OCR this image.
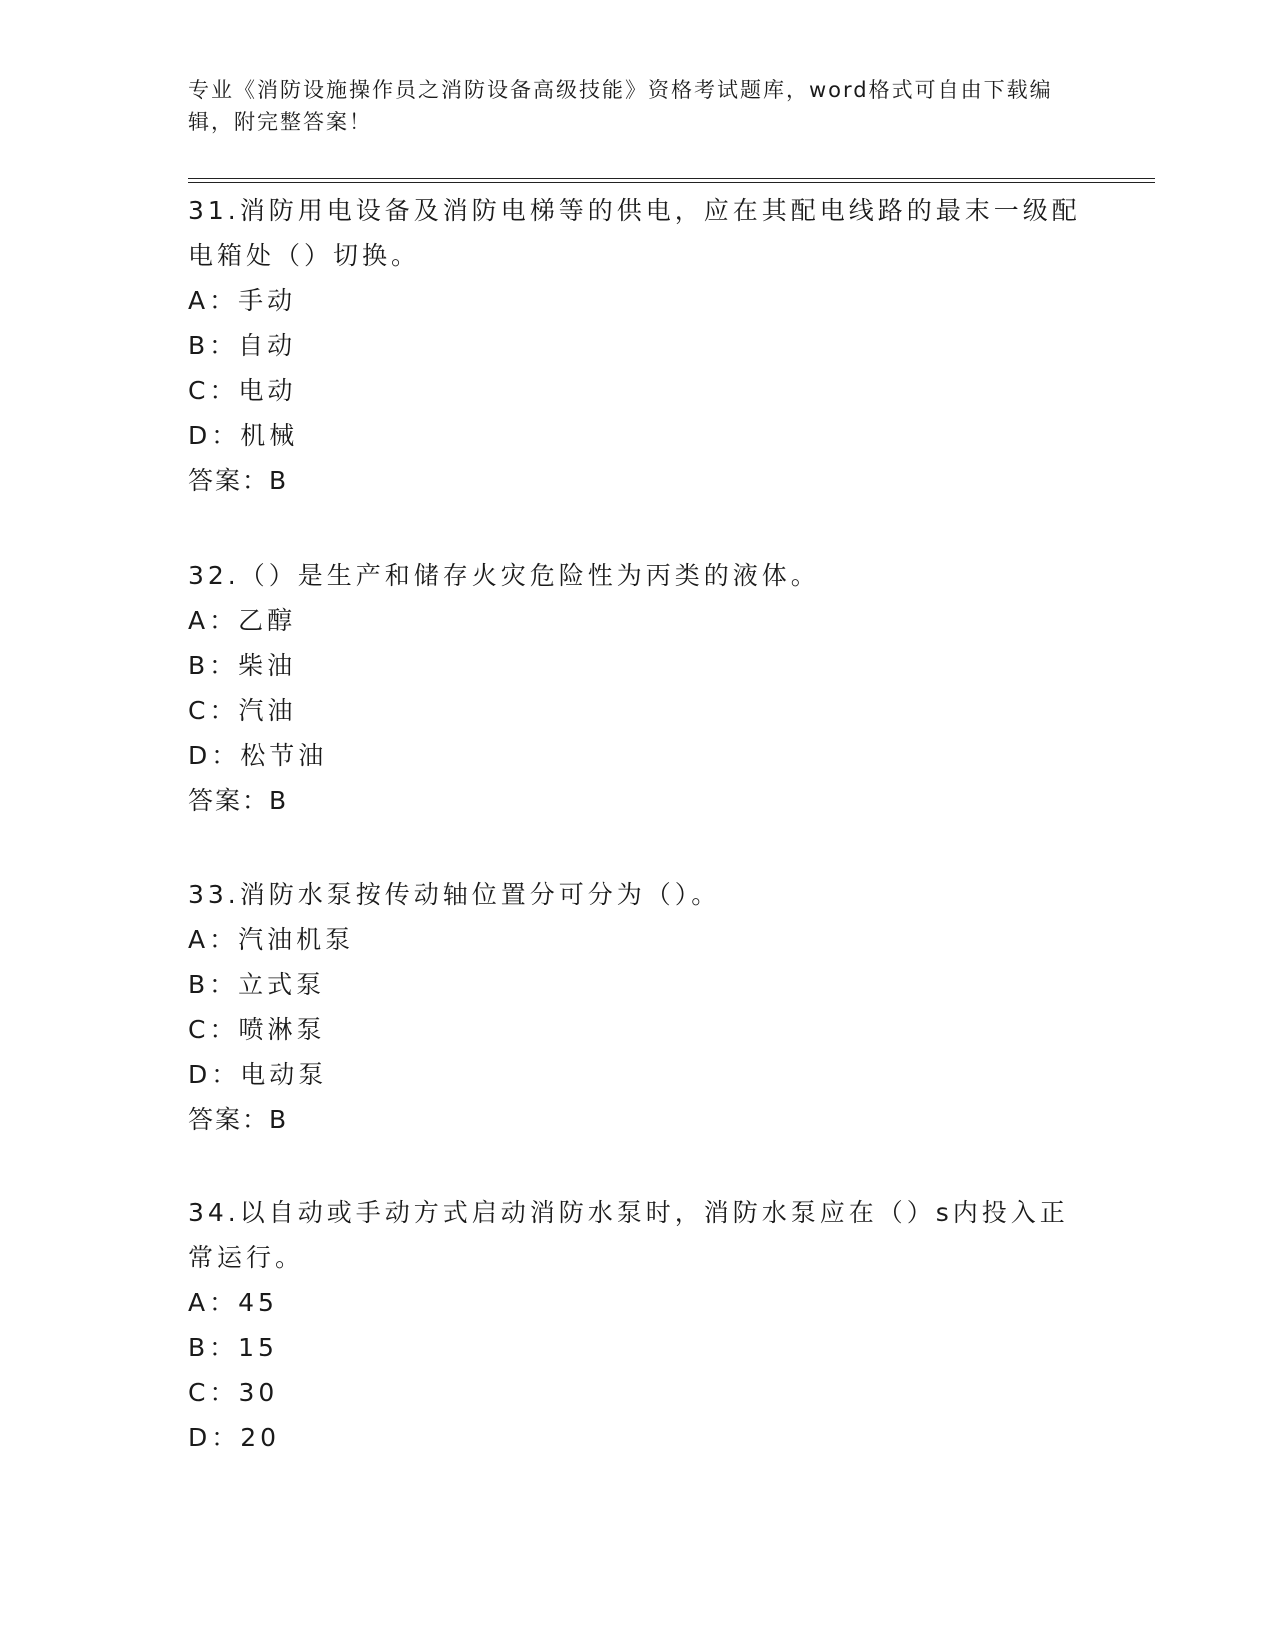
专业《消防设施操作员之消防设备高级技能》资格考试题库，word格式可自由下载编辑，附完整答案！

31.消防用电设备及消防电梯等的供电，应在其配电线路的最末一级配电箱处（）切换。

A：手动

B：自动

C：电动

D：机械

答案：B

32.（）是生产和储存火灾危险性为丙类的液体。

A：乙醇

B：柴油

C：汽油

D：松节油

答案：B

33.消防水泵按传动轴位置分可分为（）。

A：汽油机泵

B：立式泵

C：喷淋泵

D：电动泵

答案：B

34.以自动或手动方式启动消防水泵时，消防水泵应在（）s内投入正常运行。

A：45

B：15

C：30

D：20
